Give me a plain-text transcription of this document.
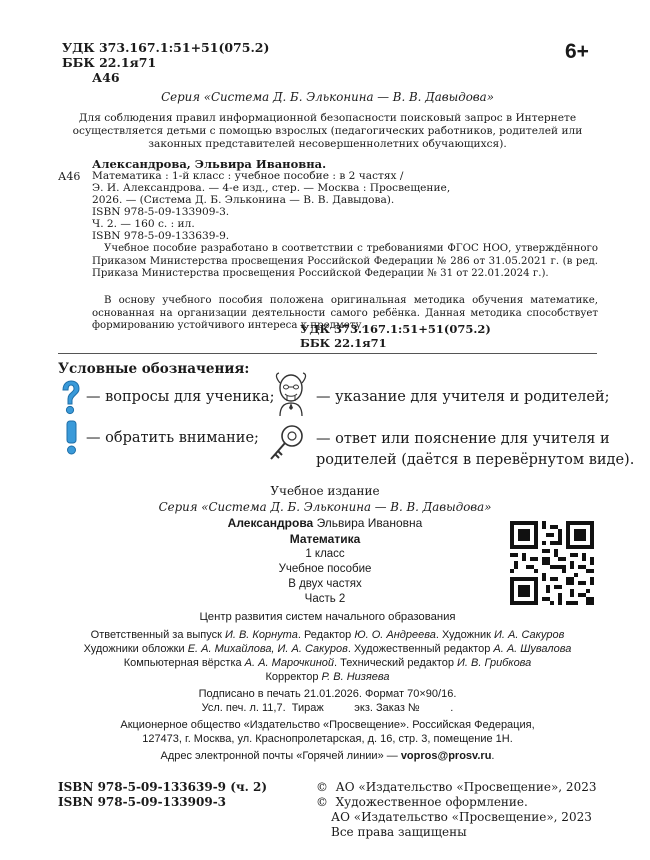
УДК 373.167.1:51+51(075.2)
ББК 22.1я71
А46
6+
Серия «Система Д. Б. Эльконина — В. В. Давыдова»
Для соблюдения правил информационной безопасности поисковый запрос в Интернете осуществляется детьми с помощью взрослых (педагогических работников, родителей или законных представителей несовершеннолетних обучающихся).
А46
Александрова, Эльвира Ивановна.
Математика : 1-й класс : учебное пособие : в 2 частях /
Э. И. Александрова. — 4-е изд., стер. — Москва : Просвещение,
2026. — (Система Д. Б. Эльконина — В. В. Давыдова).
ISBN 978-5-09-133909-3.
Ч. 2. — 160 с. : ил.
ISBN 978-5-09-133639-9.
Учебное пособие разработано в соответствии с требованиями ФГОС НОО, утверждённого Приказом Министерства просвещения Российской Федерации № 286 от 31.05.2021 г. (в ред. Приказа Министерства просвещения Российской Федерации № 31 от 22.01.2024 г.).
В основу учебного пособия положена оригинальная методика обучения математике, основанная на организации деятельности самого ребёнка. Данная методика способствует формированию устойчивого интереса к предмету.
УДК 373.167.1:51+51(075.2)
ББК 22.1я71
Условные обозначения:
— вопросы для ученика;
— обратить внимание;
— указание для учителя и родителей;
— ответ или пояснение для учителя и
родителей (даётся в перевёрнутом виде).
Учебное издание
Серия «Система Д. Б. Эльконина — В. В. Давыдова»
Александрова Эльвира Ивановна
Математика
1 класс
Учебное пособие
В двух частях
Часть 2
Центр развития систем начального образования
Ответственный за выпуск И. В. Корнута. Редактор Ю. О. Андреева. Художник И. А. Сакуров
Художники обложки Е. А. Михайлова, И. А. Сакуров. Художественный редактор А. А. Шувалова
Компьютерная вёрстка А. А. Марочкиной. Технический редактор И. В. Грибкова
Корректор Р. В. Низяева
Подписано в печать 21.01.2026. Формат 70×90/16.
Усл. печ. л. 11,7.  Тираж          экз. Заказ №          .
Акционерное общество «Издательство «Просвещение». Российская Федерация,
127473, г. Москва, ул. Краснопролетарская, д. 16, стр. 3, помещение 1Н.
Адрес электронной почты «Горячей линии» — vopros@prosv.ru.
ISBN 978-5-09-133639-9 (ч. 2)
ISBN 978-5-09-133909-3
©  АО «Издательство «Просвещение», 2023
©  Художественное оформление.
АО «Издательство «Просвещение», 2023
Все права защищены
